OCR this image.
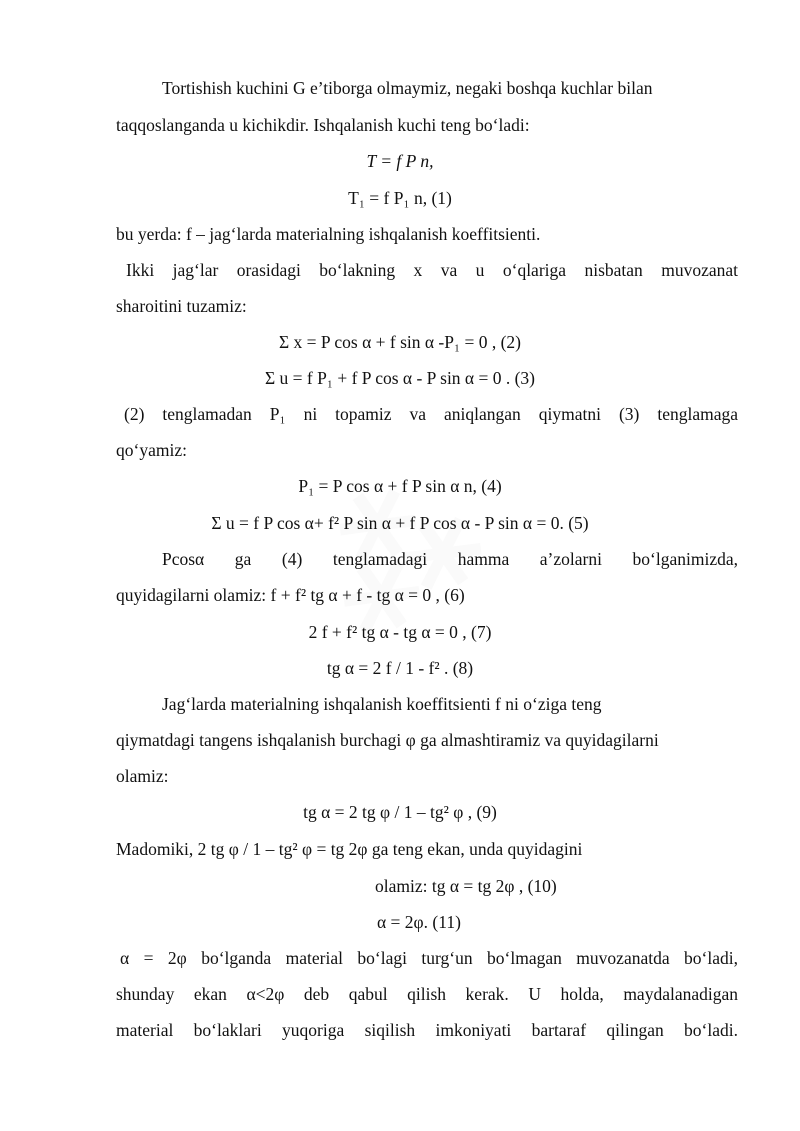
Tortishish kuchini G e’tiborga olmaymiz, negaki boshqa kuchlar bilan
taqqoslanganda u kichikdir. Ishqalanish kuchi teng bo‘ladi:
T = f P n,
T₁ = f P₁ n, (1)
bu yerda: f – jag‘larda materialning ishqalanish koeffitsienti.
Ikki jag‘lar orasidagi bo‘lakning x va u o‘qlariga nisbatan muvozanat
sharoitini tuzamiz:
Σ x = P cos α + f sin α -P₁ = 0 , (2)
Σ u = f P₁ + f P cos α - P sin α = 0 . (3)
(2) tenglamadan P₁ ni topamiz va aniqlangan qiymatni (3) tenglamaga
qo‘yamiz:
P₁ = P cos α + f P sin α n, (4)
Σ u = f P cos α+ f² P sin α + f P cos α - P sin α = 0. (5)
Pcosα ga (4) tenglamadagi hamma a’zolarni bo‘lganimizda,
quyidagilarni olamiz: f + f² tg α + f - tg α = 0 , (6)
2 f + f² tg α - tg α = 0 , (7)
tg α = 2 f / 1 - f² . (8)
Jag‘larda materialning ishqalanish koeffitsienti f ni o‘ziga teng
qiymatdagi tangens ishqalanish burchagi φ ga almashtiramiz va quyidagilarni
olamiz:
tg α = 2 tg φ / 1 – tg² φ , (9)
Madomiki, 2 tg φ / 1 – tg² φ = tg 2φ ga teng ekan, unda quyidagini
olamiz: tg α = tg 2φ , (10)
α = 2φ. (11)
α = 2φ bo‘lganda material bo‘lagi turg‘un bo‘lmagan muvozanatda bo‘ladi,
shunday ekan α<2φ deb qabul qilish kerak. U holda, maydalanadigan
material bo‘laklari yuqoriga siqilish imkoniyati bartaraf qilingan bo‘ladi.
